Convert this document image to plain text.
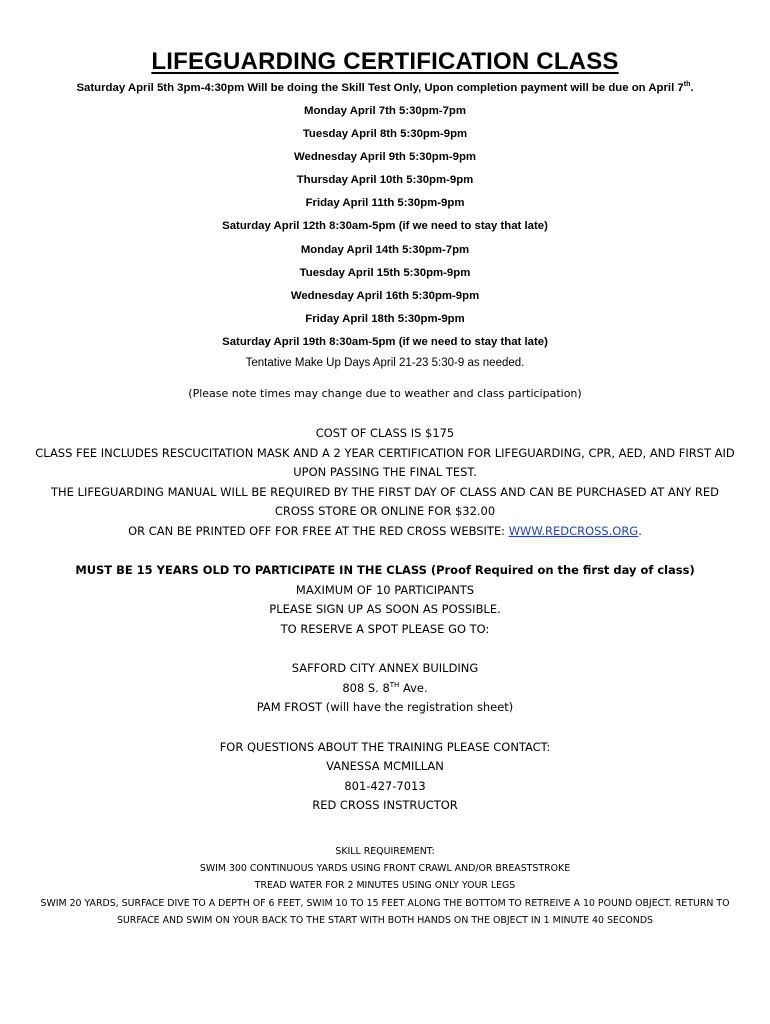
LIFEGUARDING CERTIFICATION CLASS
Saturday April 5th 3pm-4:30pm Will be doing the Skill Test Only, Upon completion payment will be due on April 7th.
Monday April 7th 5:30pm-7pm
Tuesday April 8th 5:30pm-9pm
Wednesday April 9th 5:30pm-9pm
Thursday April 10th 5:30pm-9pm
Friday April 11th 5:30pm-9pm
Saturday April 12th 8:30am-5pm (if we need to stay that late)
Monday April 14th 5:30pm-7pm
Tuesday April 15th 5:30pm-9pm
Wednesday April 16th 5:30pm-9pm
Friday April 18th 5:30pm-9pm
Saturday April 19th 8:30am-5pm (if we need to stay that late)
Tentative Make Up Days April 21-23 5:30-9 as needed.
(Please note times may change due to weather and class participation)
COST OF CLASS IS $175
CLASS FEE INCLUDES RESCUCITATION MASK AND A 2 YEAR CERTIFICATION FOR LIFEGUARDING, CPR, AED, AND FIRST AID
UPON PASSING THE FINAL TEST.
THE LIFEGUARDING MANUAL WILL BE REQUIRED BY THE FIRST DAY OF CLASS AND CAN BE PURCHASED AT ANY RED
CROSS STORE OR ONLINE FOR $32.00
OR CAN BE PRINTED OFF FOR FREE AT THE RED CROSS WEBSITE: WWW.REDCROSS.ORG.
MUST BE 15 YEARS OLD TO PARTICIPATE IN THE CLASS (Proof Required on the first day of class)
MAXIMUM OF 10 PARTICIPANTS
PLEASE SIGN UP AS SOON AS POSSIBLE.
TO RESERVE A SPOT PLEASE GO TO:
SAFFORD CITY ANNEX BUILDING
808 S. 8TH Ave.
PAM FROST (will have the registration sheet)
FOR QUESTIONS ABOUT THE TRAINING PLEASE CONTACT:
VANESSA MCMILLAN
801-427-7013
RED CROSS INSTRUCTOR
SKILL REQUIREMENT:
SWIM 300 CONTINUOUS YARDS USING FRONT CRAWL AND/OR BREASTSTROKE
TREAD WATER FOR 2 MINUTES USING ONLY YOUR LEGS
SWIM 20 YARDS, SURFACE DIVE TO A DEPTH OF 6 FEET, SWIM 10 TO 15 FEET ALONG THE BOTTOM TO RETREIVE A 10 POUND OBJECT. RETURN TO
SURFACE AND SWIM ON YOUR BACK TO THE START WITH BOTH HANDS ON THE OBJECT IN 1 MINUTE 40 SECONDS
